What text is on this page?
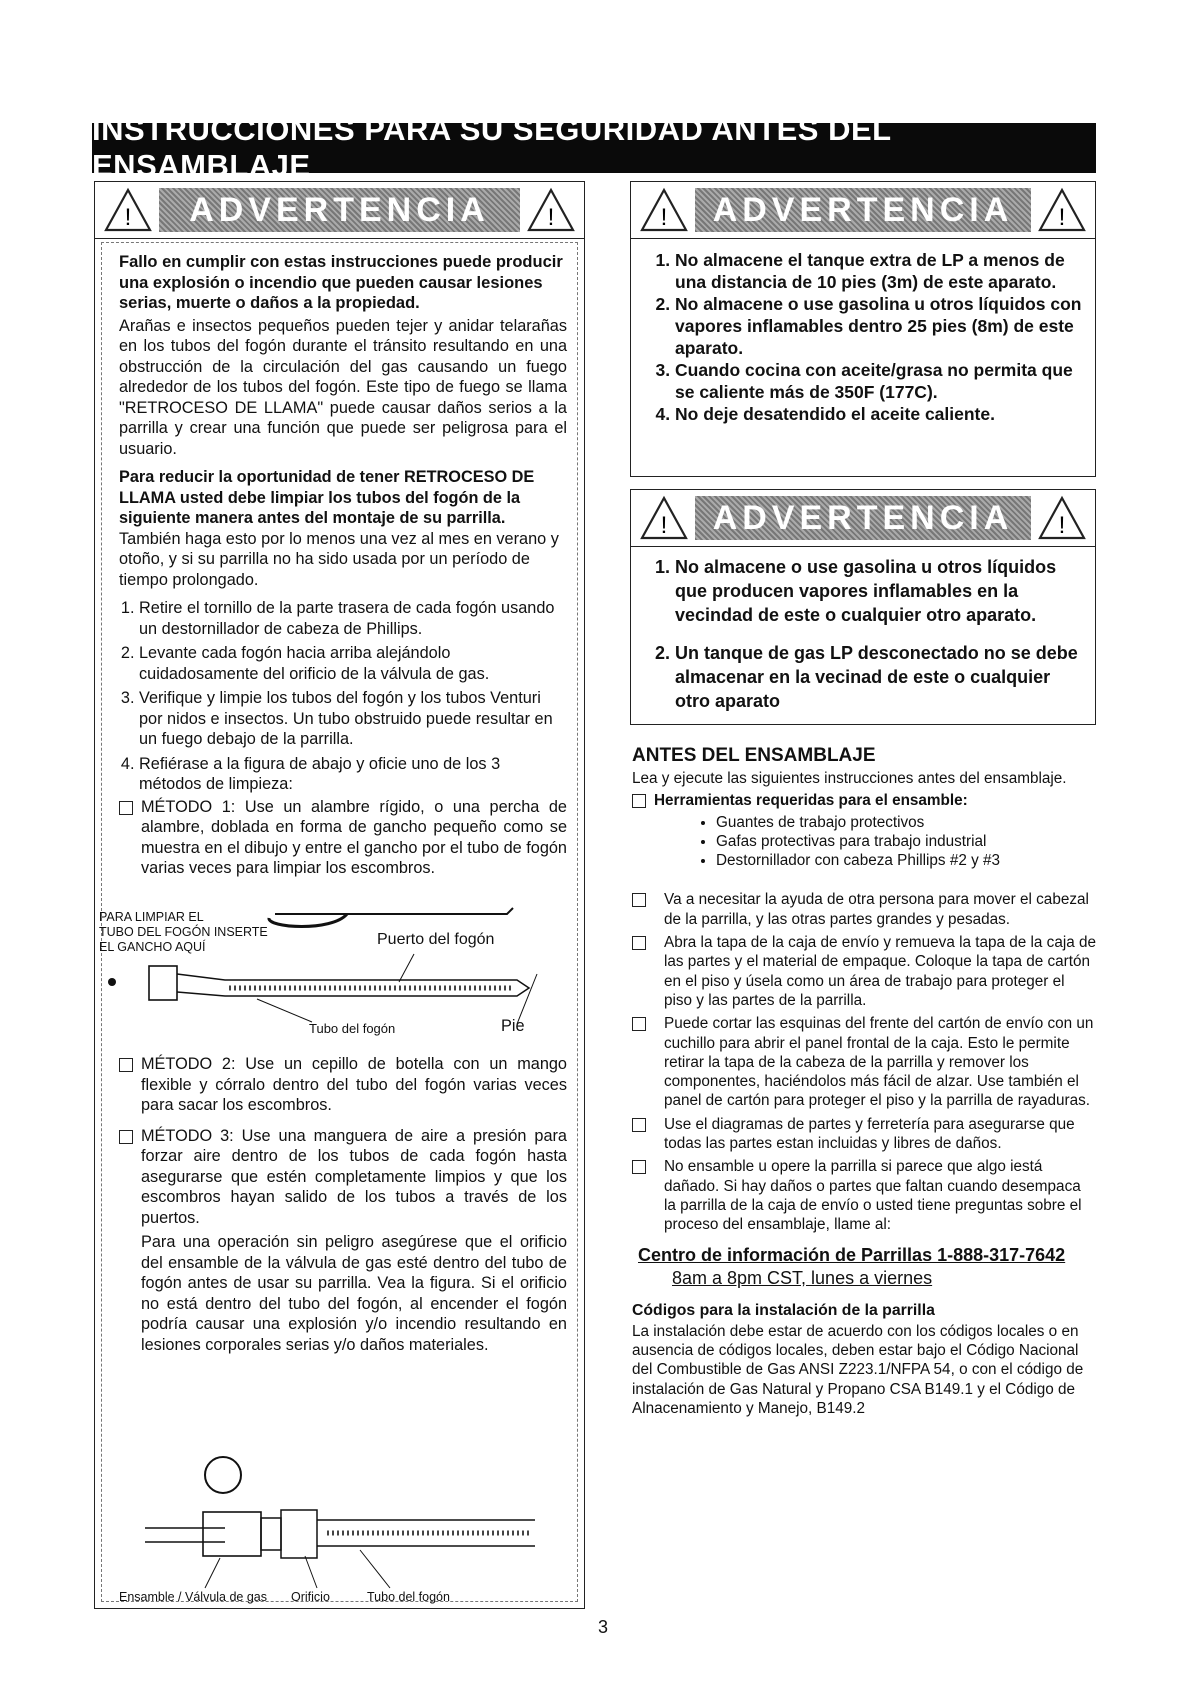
INSTRUCCIONES PARA SU SEGURIDAD ANTES DEL ENSAMBLAJE
!	ADVERTENCIA	!

Fallo en cumplir con estas instrucciones puede producir una explosión o incendio que pueden causar lesiones serias, muerte o daños a la propiedad.

Arañas e insectos pequeños pueden tejer y anidar telarañas en los tubos del fogón durante el tránsito resultando en una obstrucción de la circulación del gas causando un fuego alrededor de los tubos del fogón. Este tipo de fuego se llama "RETROCESO DE LLAMA" puede causar daños serios a la parrilla y crear una función que puede ser peligrosa para el usuario.

Para reducir la oportunidad de tener RETROCESO DE LLAMA usted debe limpiar los tubos del fogón de la siguiente manera antes del montaje de su parrilla. También haga esto por lo menos una vez al mes en verano y otoño, y si su parrilla no ha sido usada por un período de tiempo prolongado.

1. Retire el tornillo de la parte trasera de cada fogón usando un destornillador de cabeza de Phillips.
2. Levante cada fogón hacia arriba alejándolo cuidadosamente del orificio de la válvula de gas.
3. Verifique y limpie los tubos del fogón y los tubos Venturi por nidos e insectos. Un tubo obstruido puede resultar en un fuego debajo de la parrilla.
4. Refiérase a la figura de abajo y oficie uno de los 3 métodos de limpieza:
MÉTODO 1: Use un alambre rígido, o una percha de alambre, doblada en forma de gancho pequeño como se muestra en el dibujo y entre el gancho por el tubo de fogón varias veces para limpiar los escombros.
PARA LIMPIAR EL
TUBO DEL FOGÓN INSERTE
EL GANCHO AQUÍ	Puerto del fogón
Tubo del fogón	Pie
MÉTODO 2: Use un cepillo de botella con un mango flexible y córralo dentro del tubo del fogón varias veces para sacar los escombros.
MÉTODO 3: Use una manguera de aire a presión para forzar aire dentro de los tubos de cada fogón hasta asegurarse que estén completamente limpios y que los escombros hayan salido de los tubos a través de los puertos.

Para una operación sin peligro asegúrese que el orificio del ensamble de la válvula de gas esté dentro del tubo de fogón antes de usar su parrilla. Vea la figura. Si el orificio no está dentro del tubo del fogón, al encender el fogón podría causar una explosión y/o incendio resultando en lesiones corporales serias y/o daños materiales.

Ensamble / Válvula de gas Orificio	Tubo del fogón
!	ADVERTENCIA	!
1. No almacene el tanque extra de LP a menos de una distancia de 10 pies (3m) de este aparato.
2. No almacene o use gasolina u otros líquidos con vapores inflamables dentro 25 pies (8m) de este aparato.
3. Cuando cocina con aceite/grasa no permita que se caliente más de 350F (177C).
4. No deje desatendido el aceite caliente.
!	ADVERTENCIA	!
1. No almacene o use gasolina u otros líquidos que producen vapores inflamables en la vecindad de este o cualquier otro aparato.
2. Un tanque de gas LP desconectado no se debe almacenar en la vecinad de este o cualquier otro aparato
ANTES DEL ENSAMBLAJE

Lea y ejecute las siguientes instrucciones antes del ensamblaje.

Herramientas requeridas para el ensamble:
• Guantes de trabajo protectivos
• Gafas protectivas para trabajo industrial
• Destornillador con cabeza Phillips #2 y #3
Va a necesitar la ayuda de otra persona para mover el cabezal de la parrilla, y las otras partes grandes y pesadas.
Abra la tapa de la caja de envío y remueva la tapa de la caja de las partes y el material de empaque. Coloque la tapa de cartón en el piso y úsela como un área de trabajo para proteger el piso y las partes de la parrilla.
Puede cortar las esquinas del frente del cartón de envío con un cuchillo para abrir el panel frontal de la caja. Esto le permite retirar la tapa de la cabeza de la parrilla y remover los componentes, haciéndolos más fácil de alzar. Use también el panel de cartón para proteger el piso y la parrilla de rayaduras.
Use el diagramas de partes y ferretería para asegurarse que todas las partes estan incluidas y libres de daños.
No ensamble u opere la parrilla si parece que algo iestá dañado. Si hay daños o partes que faltan cuando desempaca la parrilla de la caja de envío o usted tiene preguntas sobre el proceso del ensamblaje, llame al:
Centro de información de Parrillas 1-888-317-7642
8am a 8pm CST, lunes a viernes
Códigos para la instalación de la parrilla

La instalación debe estar de acuerdo con los códigos locales o en ausencia de códigos locales, deben estar bajo el Código Nacional del Combustible de Gas ANSI Z223.1/NFPA 54, o con el código de instalación de Gas Natural y Propano CSA B149.1 y el Código de Alnacenamiento y Manejo, B149.2

3
